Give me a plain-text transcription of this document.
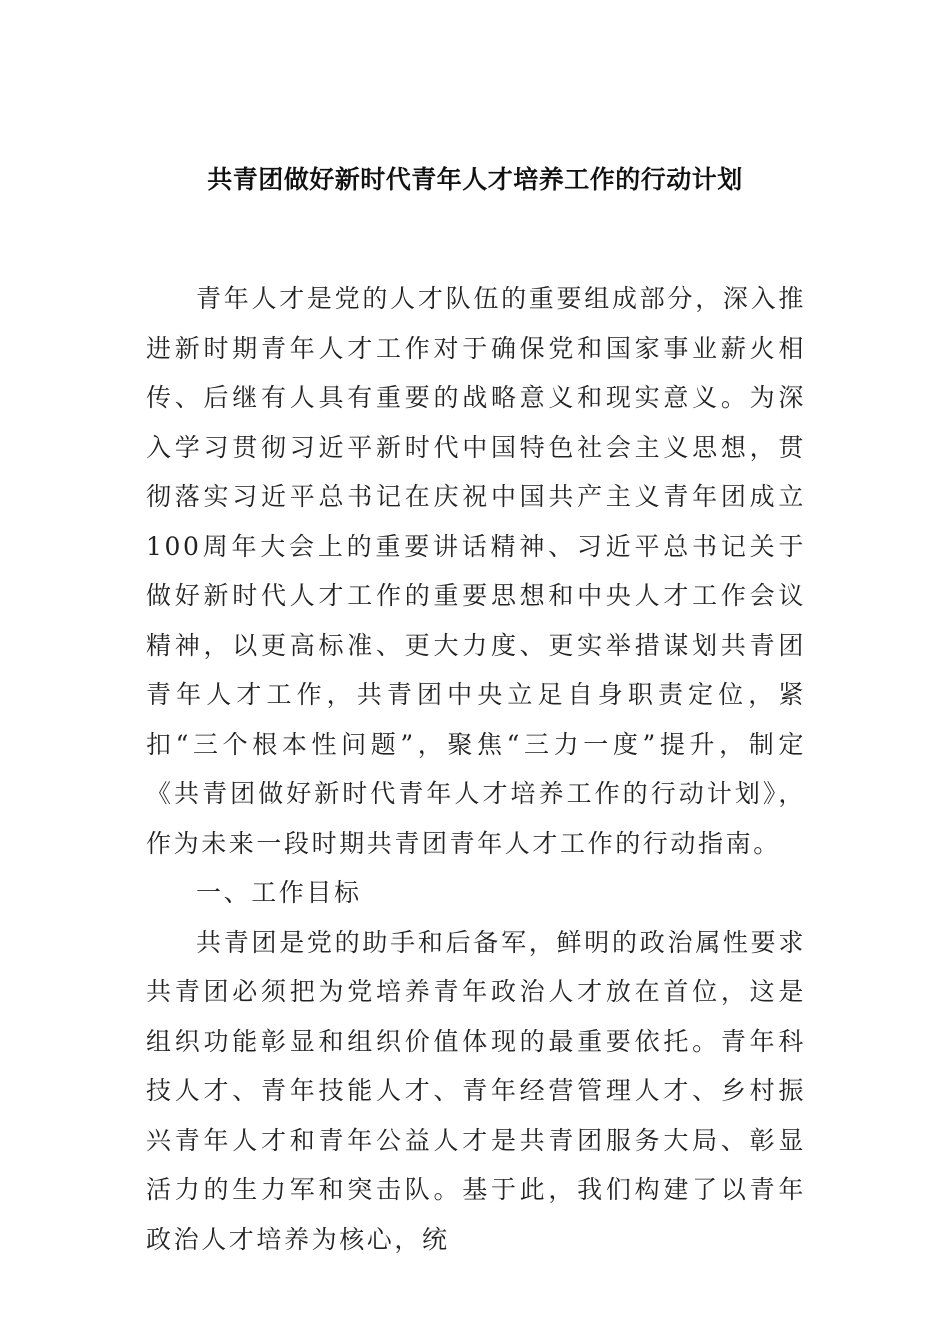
共青团做好新时代青年人才培养工作的行动计划

青年人才是党的人才队伍的重要组成部分，深入推进新时期青年人才工作对于确保党和国家事业薪火相传、后继有人具有重要的战略意义和现实意义。为深入学习贯彻习近平新时代中国特色社会主义思想，贯彻落实习近平总书记在庆祝中国共产主义青年团成立100周年大会上的重要讲话精神、习近平总书记关于做好新时代人才工作的重要思想和中央人才工作会议精神，以更高标准、更大力度、更实举措谋划共青团青年人才工作，共青团中央立足自身职责定位，紧扣“三个根本性问题”，聚焦“三力一度”提升，制定《共青团做好新时代青年人才培养工作的行动计划》，作为未来一段时期共青团青年人才工作的行动指南。

一、工作目标

共青团是党的助手和后备军，鲜明的政治属性要求共青团必须把为党培养青年政治人才放在首位，这是组织功能彰显和组织价值体现的最重要依托。青年科技人才、青年技能人才、青年经营管理人才、乡村振兴青年人才和青年公益人才是共青团服务大局、彰显活力的生力军和突击队。基于此，我们构建了以青年政治人才培养为核心，统
